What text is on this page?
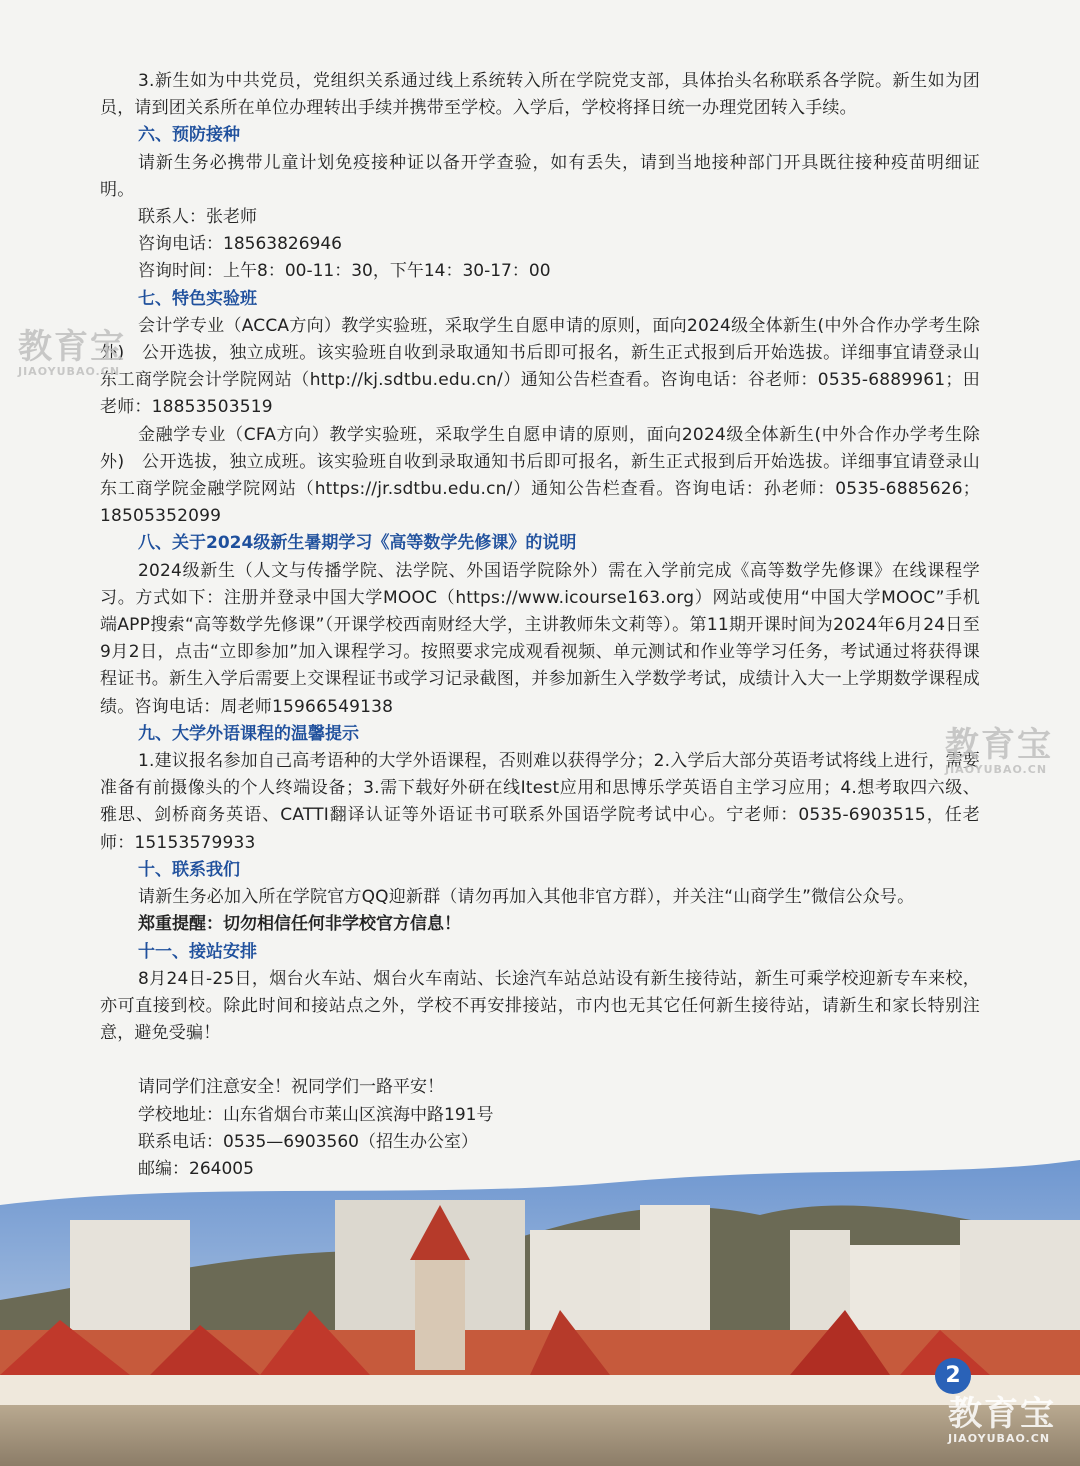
3.新生如为中共党员，党组织关系通过线上系统转入所在学院党支部，具体抬头名称联系各学院。新生如为团员，请到团关系所在单位办理转出手续并携带至学校。入学后，学校将择日统一办理党团转入手续。

六、预防接种

请新生务必携带儿童计划免疫接种证以备开学查验，如有丢失，请到当地接种部门开具既往接种疫苗明细证明。

联系人：张老师

咨询电话：18563826946

咨询时间：上午8：00-11：30，下午14：30-17：00

七、特色实验班

会计学专业（ACCA方向）教学实验班，采取学生自愿申请的原则，面向2024级全体新生(中外合作办学考生除外)　公开选拔，独立成班。该实验班自收到录取通知书后即可报名，新生正式报到后开始选拔。详细事宜请登录山东工商学院会计学院网站（http://kj.sdtbu.edu.cn/）通知公告栏查看。咨询电话：谷老师：0535-6889961；田老师：18853503519

金融学专业（CFA方向）教学实验班，采取学生自愿申请的原则，面向2024级全体新生(中外合作办学考生除外)　公开选拔，独立成班。该实验班自收到录取通知书后即可报名，新生正式报到后开始选拔。详细事宜请登录山东工商学院金融学院网站（https://jr.sdtbu.edu.cn/）通知公告栏查看。咨询电话：孙老师：0535-6885626；18505352099

八、关于2024级新生暑期学习《高等数学先修课》的说明

2024级新生（人文与传播学院、法学院、外国语学院除外）需在入学前完成《高等数学先修课》在线课程学习。方式如下：注册并登录中国大学MOOC（https://www.icourse163.org）网站或使用“中国大学MOOC”手机端APP搜索“高等数学先修课”（开课学校西南财经大学，主讲教师朱文莉等）。第11期开课时间为2024年6月24日至9月2日，点击“立即参加”加入课程学习。按照要求完成观看视频、单元测试和作业等学习任务，考试通过将获得课程证书。新生入学后需要上交课程证书或学习记录截图，并参加新生入学数学考试，成绩计入大一上学期数学课程成绩。咨询电话：周老师15966549138

九、大学外语课程的温馨提示

1.建议报名参加自己高考语种的大学外语课程，否则难以获得学分；2.入学后大部分英语考试将线上进行，需要准备有前摄像头的个人终端设备；3.需下载好外研在线Itest应用和思博乐学英语自主学习应用；4.想考取四六级、雅思、剑桥商务英语、CATTI翻译认证等外语证书可联系外国语学院考试中心。宁老师：0535-6903515，任老师：15153579933

十、联系我们

请新生务必加入所在学院官方QQ迎新群（请勿再加入其他非官方群），并关注“山商学生”微信公众号。

郑重提醒：切勿相信任何非学校官方信息！

十一、接站安排

8月24日-25日，烟台火车站、烟台火车南站、长途汽车站总站设有新生接待站，新生可乘学校迎新专车来校，亦可直接到校。除此时间和接站点之外，学校不再安排接站，市内也无其它任何新生接待站，请新生和家长特别注意，避免受骗！

请同学们注意安全！祝同学们一路平安！

学校地址：山东省烟台市莱山区滨海中路191号

联系电话：0535—6903560（招生办公室）

邮编：264005

2
教育宝
JIAOYUBAO.CN
教育宝
JIAOYUBAO.CN
教育宝
JIAOYUBAO.CN
